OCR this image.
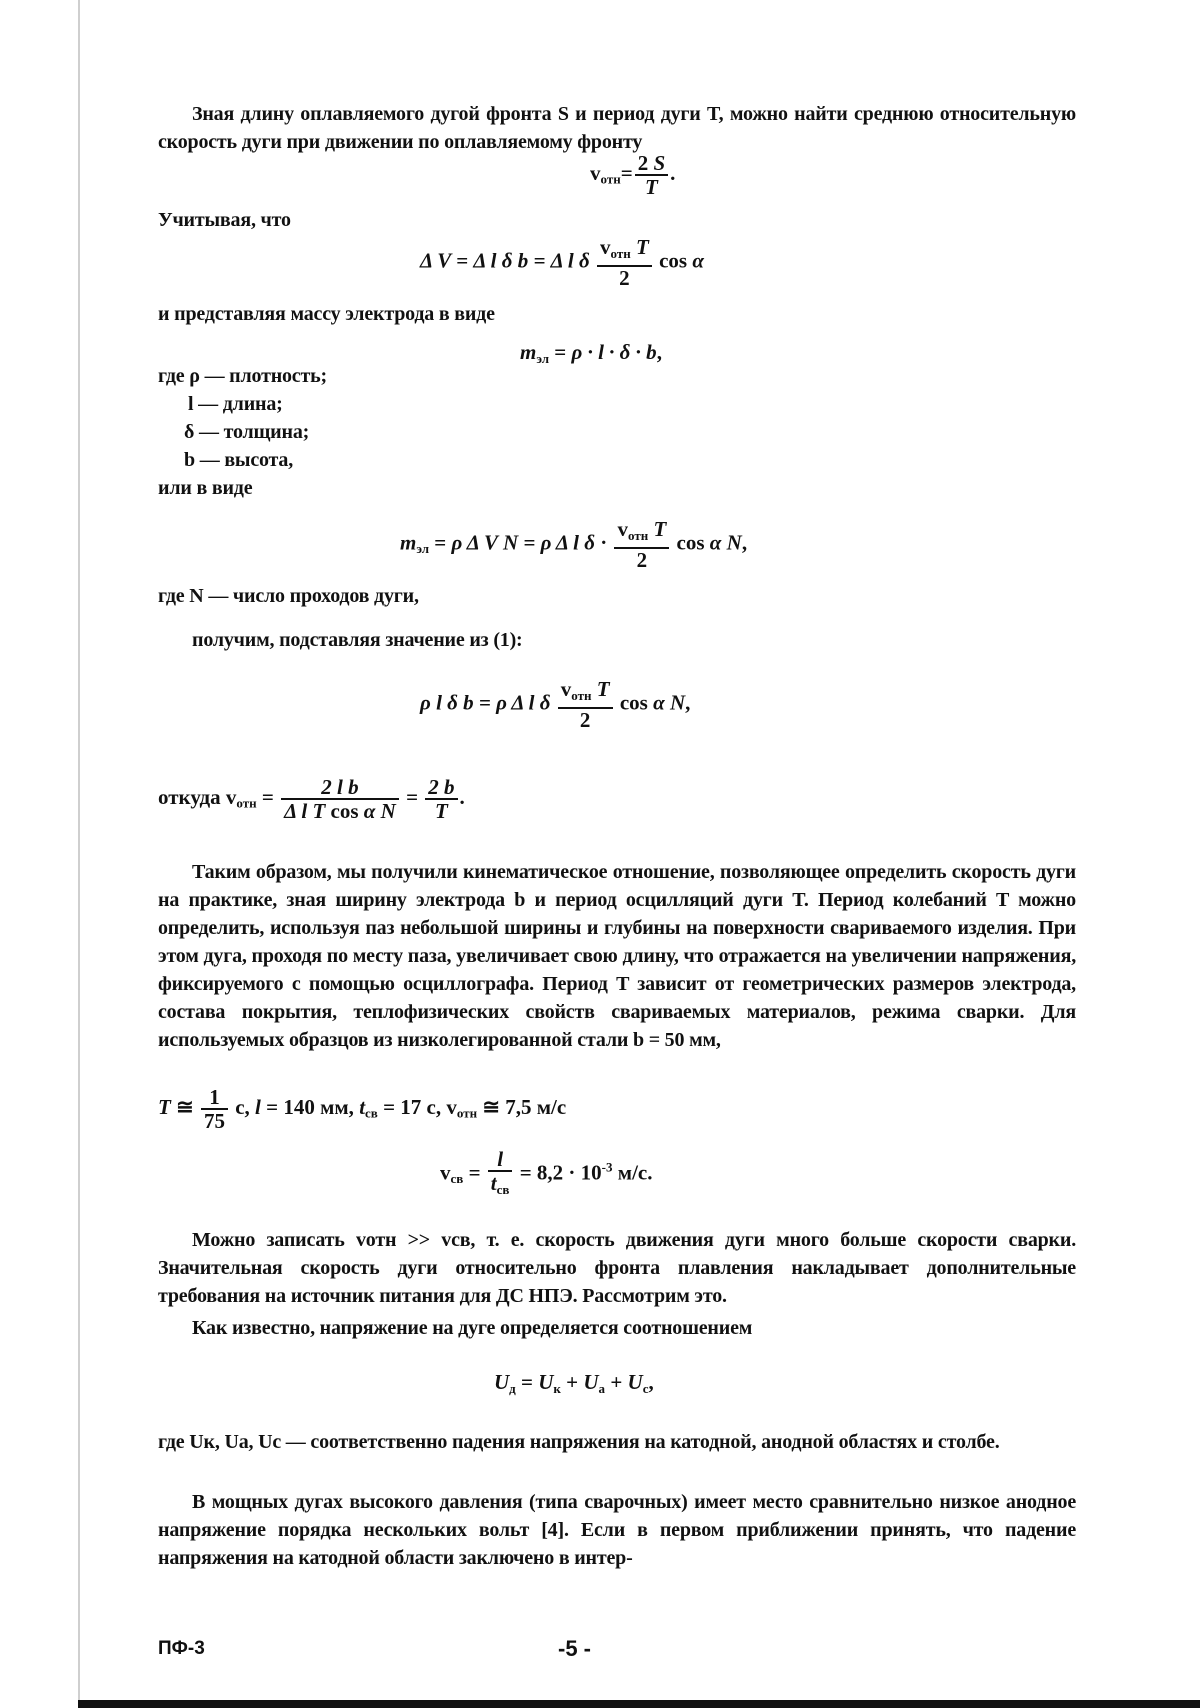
Зная длину оплавляемого дугой фронта S и период дуги T, можно найти среднюю относительную скорость дуги при движении по оплавляемому фронту

$v_{отн}= \frac{2 S}{T}$ .

Учитывая, что

Δ V = Δ l δ b = Δ l δ
$v_{отн}$ T
2
cos α

и представляя массу электрода в виде

$m_{эл} = \rho \cdot l \cdot \delta \cdot b$,

где ρ — плотность;

l — длина;

δ — толщина;

b — высота,

или в виде

$m_{эл} = \rho$ Δ V N = ρ Δ l δ ·
$v_{отн}$ T
2
cos α N,

где N — число проходов дуги,

получим, подставляя значение из (1):

ρ l δ b = ρ Δ l δ
$v_{отн}$ T
2
cos α N,
откуда $v_{отн} = \frac{\text{2 l b}}{\text{Δ l T cos α N}} = \frac{2 b}{T}$ .

Таким образом, мы получили кинематическое отношение, позволяющее определить скорость дуги на практике, зная ширину электрода b и период осцилляций дуги T. Период колебаний T можно определить, используя паз небольшой ширины и глубины на поверхности свариваемого изделия. При этом дуга, проходя по месту паза, увеличивает свою длину, что отражается на увеличении напряжения, фиксируемого с помощью осциллографа. Период T зависит от геометрических размеров электрода, состава покрытия, теплофизических свойств свариваемых материалов, режима сварки. Для используемых образцов из низколегированной стали b = 50 мм,

T ≅ $\frac{1}{75} с$, l = 140 мм, $t_{св} = 17$ с, $v_{отн}$ ≅ 7,5 м/с
$v_{св}$ =
l
$t_{св}$
= $8,2 \cdot 10^{-3}$ м/с.

Можно записать vотн >> vсв, т. е. скорость движения дуги много больше скорости сварки. Значительная скорость дуги относительно фронта плавления накладывает дополнительные требования на источник питания для ДС НПЭ. Рассмотрим это.

Как известно, напряжение на дуге определяется соотношением

$U_д = U_к + U_а + U_с$,

где Uк, Uа, Uс — соответственно падения напряжения на катодной, анодной областях и столбе.

В мощных дугах высокого давления (типа сварочных) имеет место сравнительно низкое анодное напряжение порядка нескольких вольт [4]. Если в первом приближении принять, что падение напряжения на катодной области заключено в интер-

ПФ-3	-5 -
